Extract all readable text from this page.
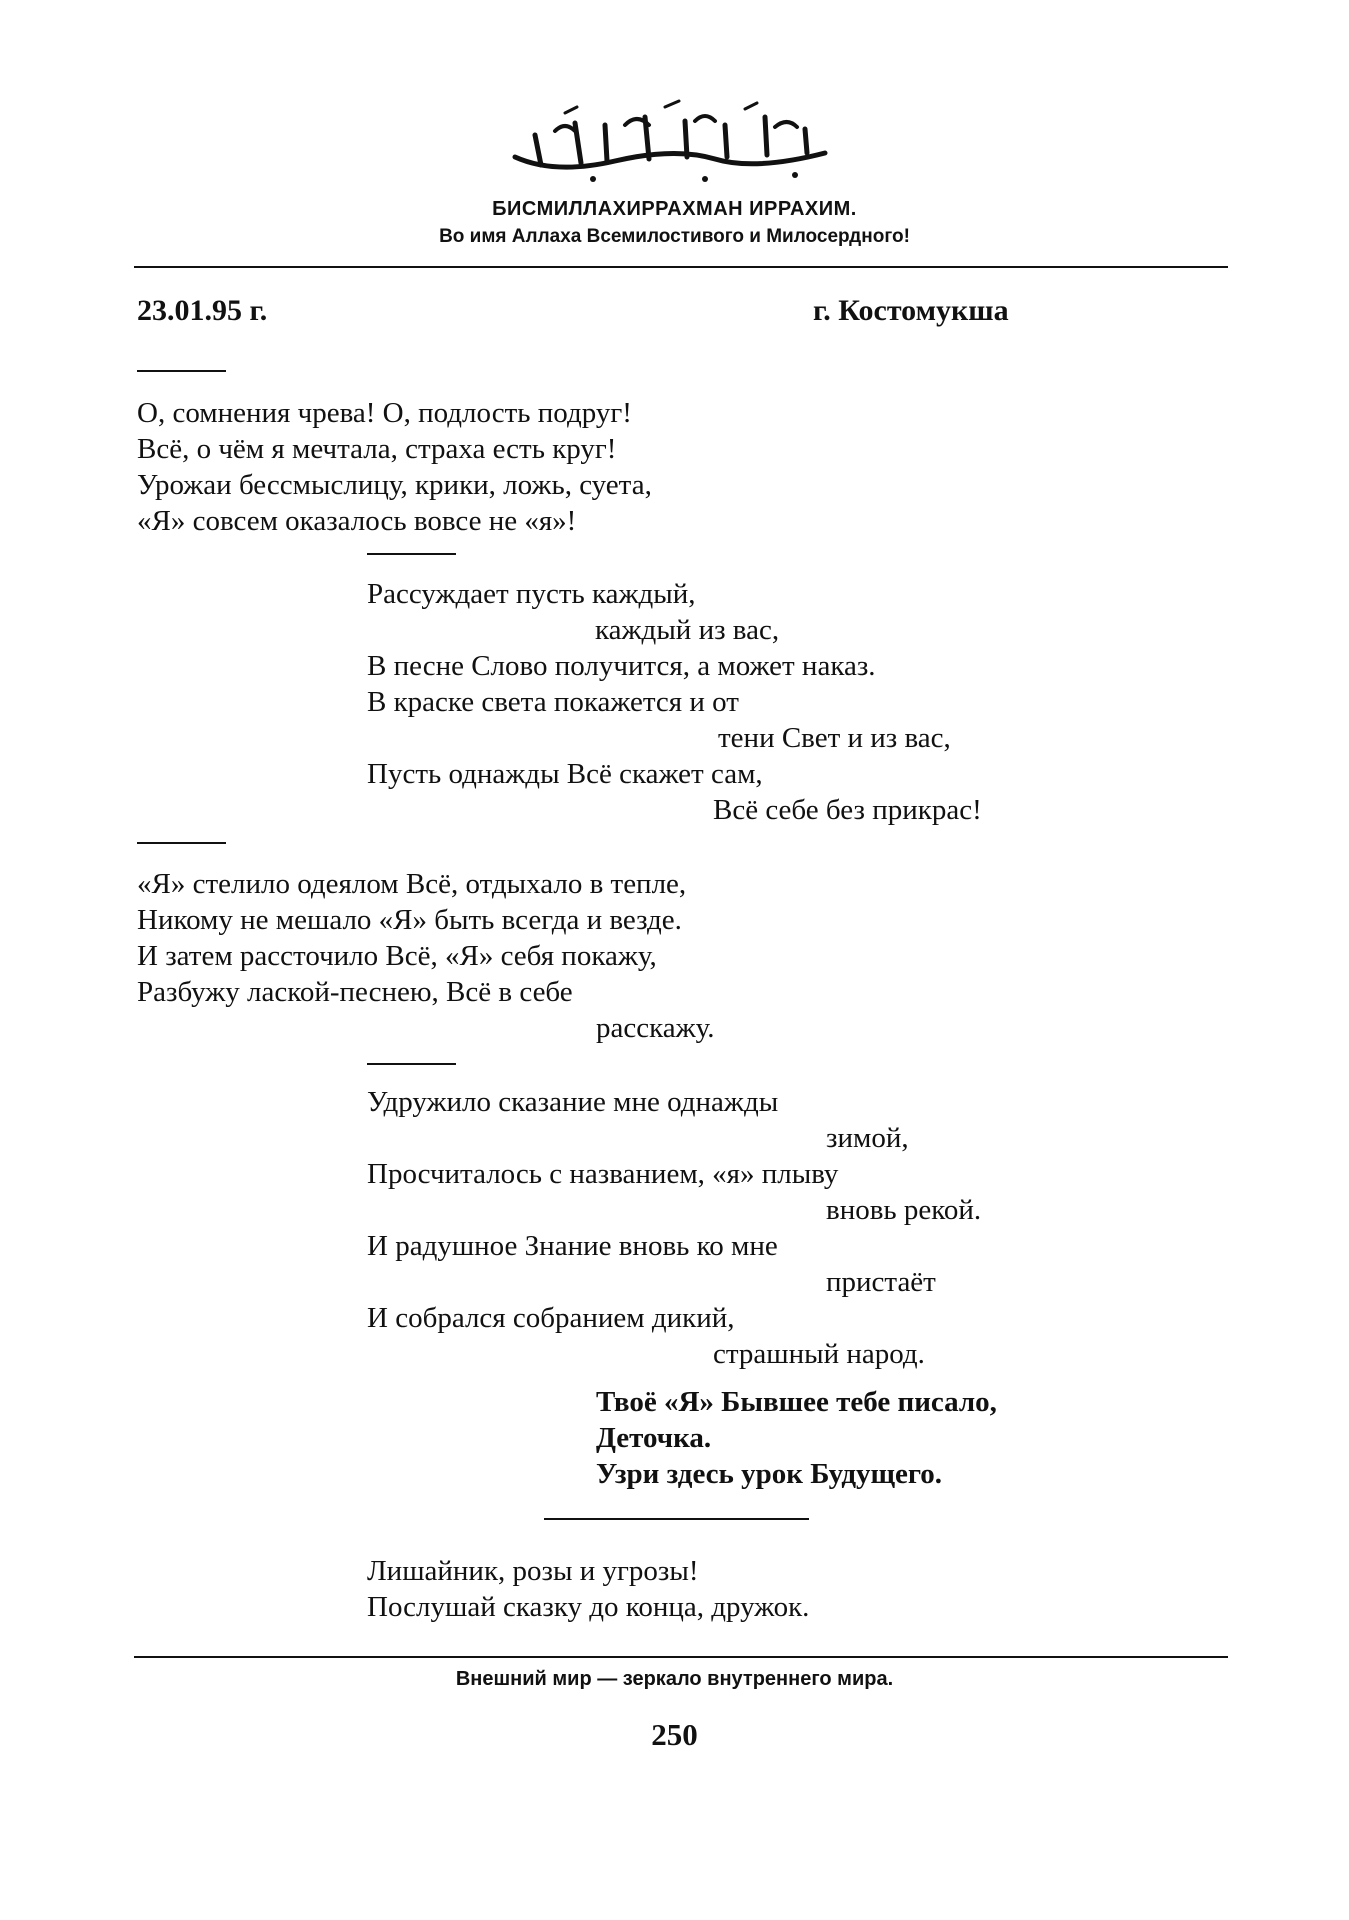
БИСМИЛЛАХИРРАХМАН ИРРАХИМ.
Во имя Аллаха Всемилостивого и Милосердного!
23.01.95 г.	г. Костомукша
О, сомнения чрева! О, подлость подруг!
Всё, о чём я мечтала, страха есть круг!
Урожаи бессмыслицу, крики, ложь, суета,
«Я» совсем оказалось вовсе не «я»!
Рассуждает пусть каждый,
каждый из вас,
В песне Слово получится, а может наказ.
В краске света покажется и от
тени Свет и из вас,
Пусть однажды Всё скажет сам,
Всё себе без прикрас!
«Я» стелило одеялом Всё, отдыхало в тепле,
Никому не мешало «Я» быть всегда и везде.
И затем рассточило Всё, «Я» себя покажу,
Разбужу лаской-песнею, Всё в себе
расскажу.
Удружило сказание мне однажды
зимой,
Просчиталось с названием, «я» плыву
вновь рекой.
И радушное Знание вновь ко мне
пристаёт
И собрался собранием дикий,
страшный народ.
Твоё «Я» Бывшее тебе писало,
Деточка.
Узри здесь урок Будущего.
Лишайник, розы и угрозы!
Послушай сказку до конца, дружок.
Внешний мир — зеркало внутреннего мира.
250
